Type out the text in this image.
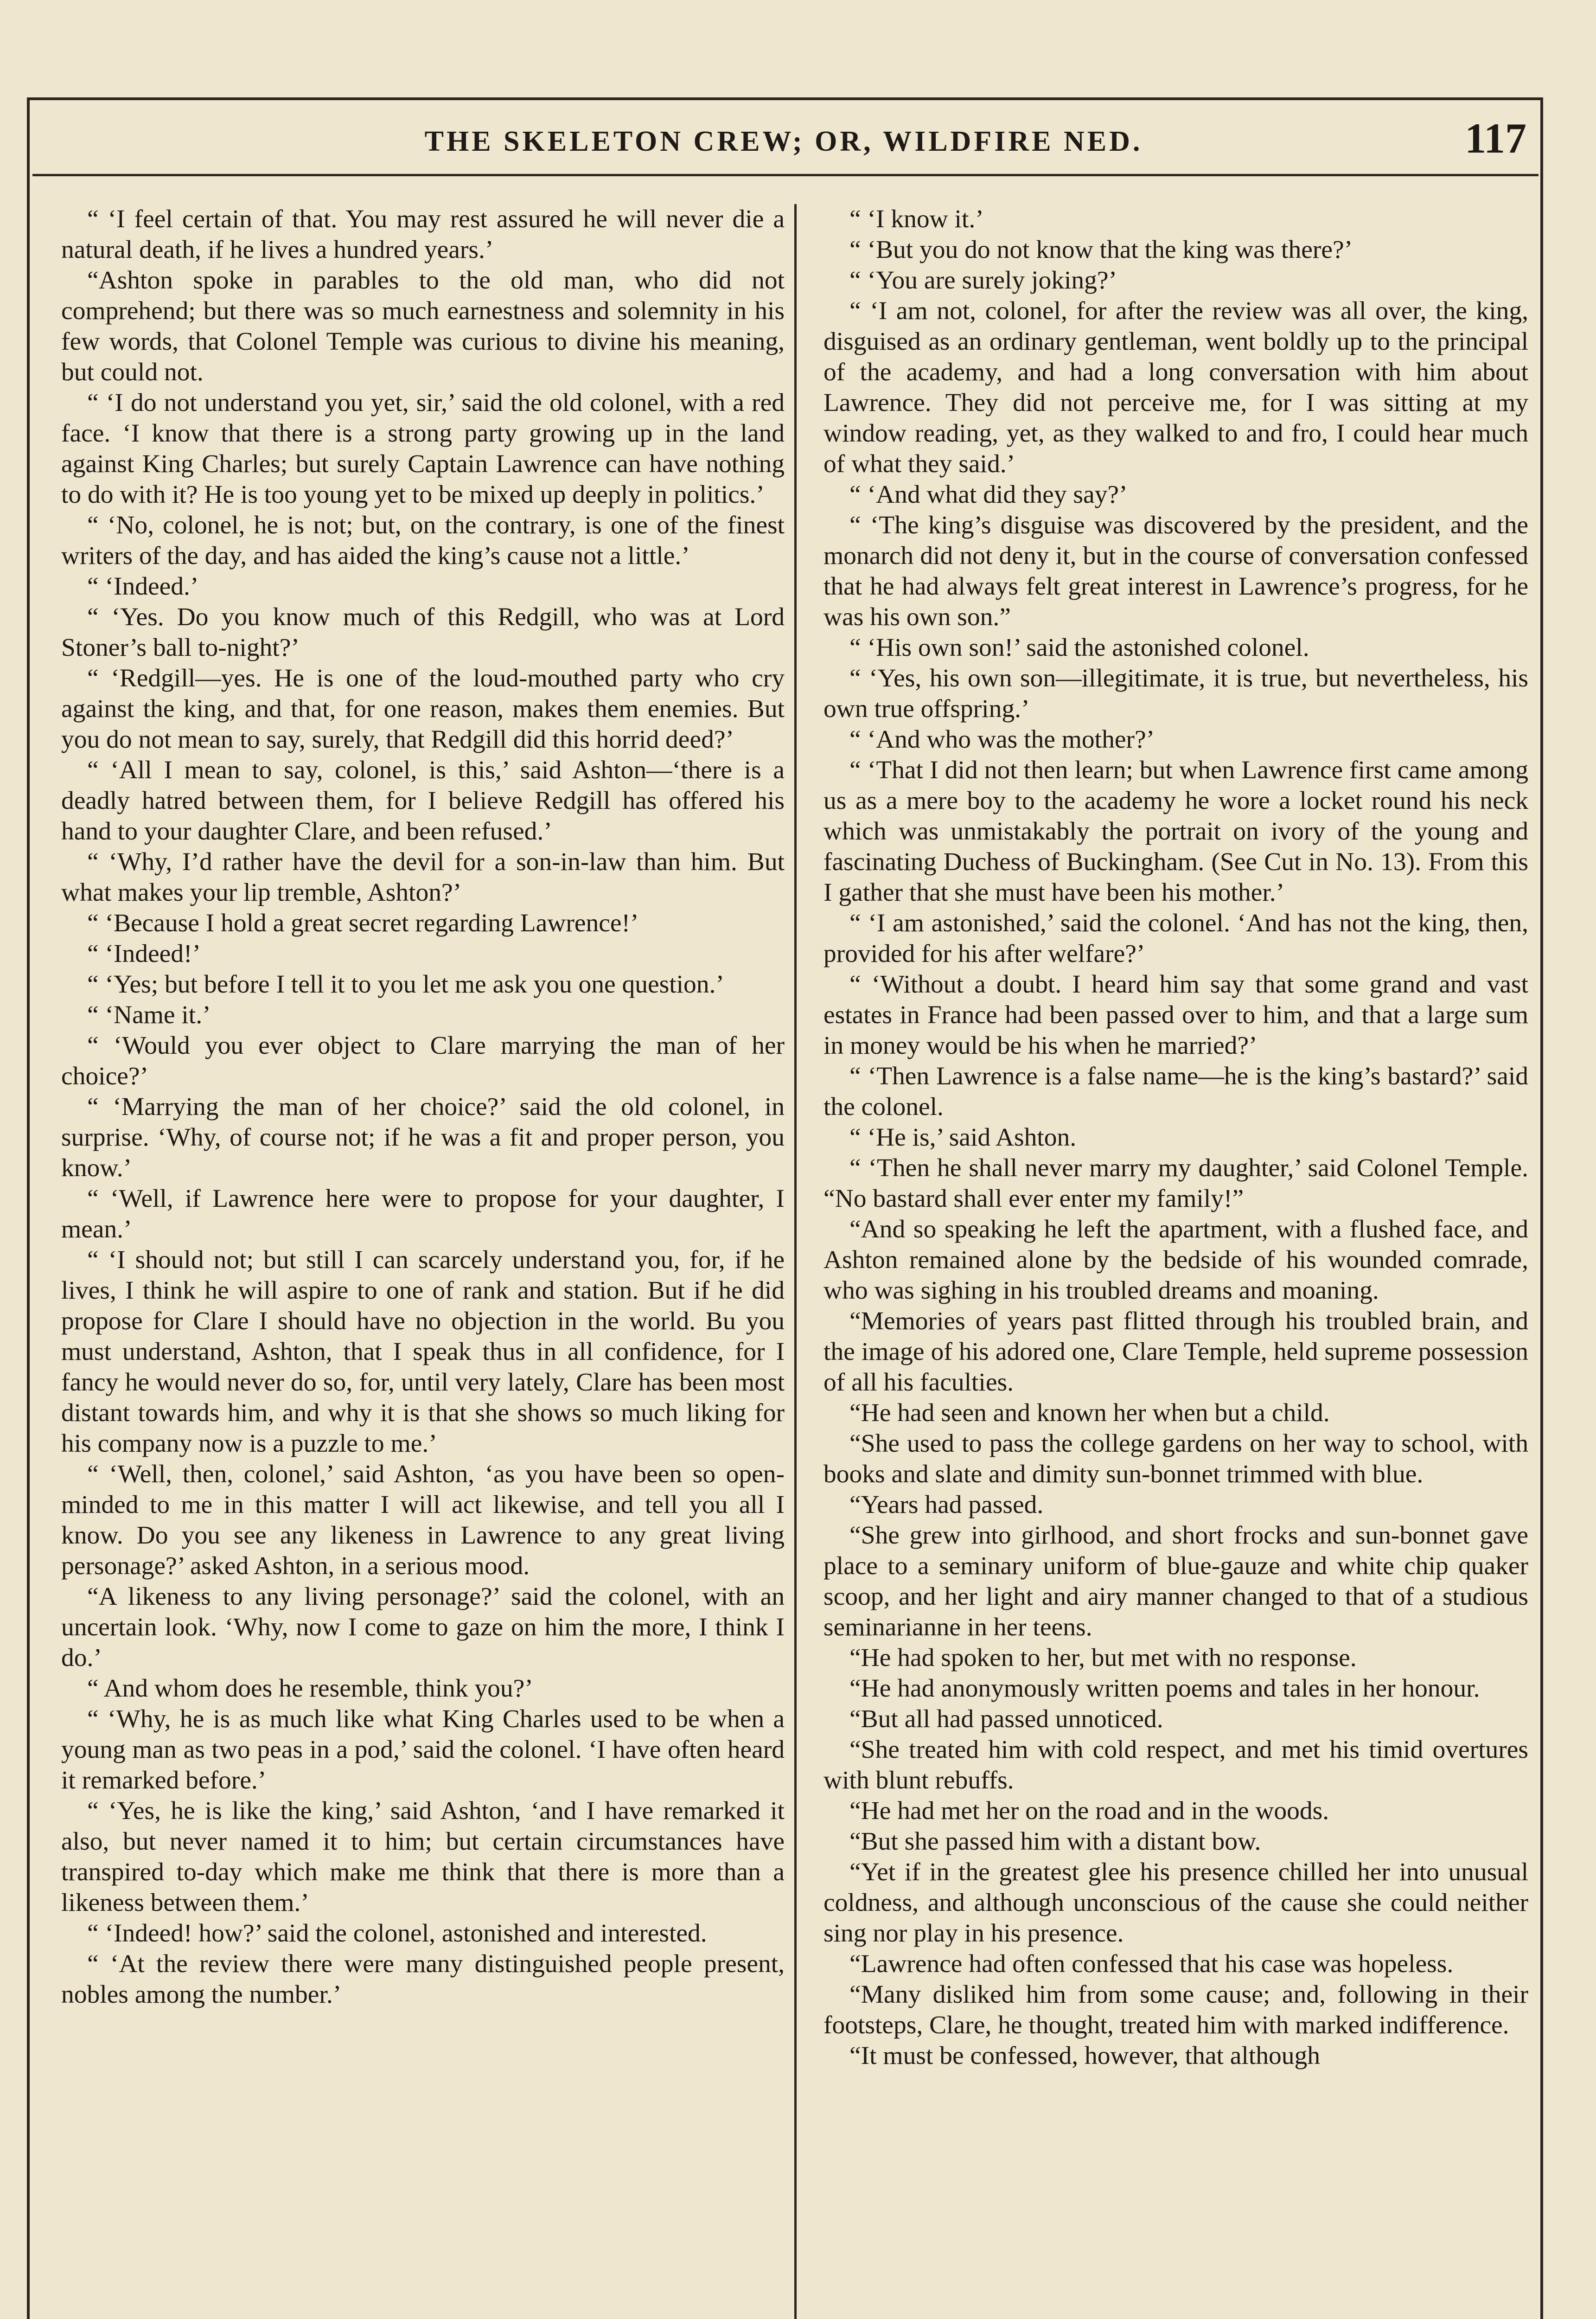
THE SKELETON CREW; OR, WILDFIRE NED.	117

“ ‘I feel certain of that. You may rest assured he will never die a natural death, if he lives a hundred years.’

“Ashton spoke in parables to the old man, who did not comprehend; but there was so much earnestness and solemnity in his few words, that Colonel Temple was curious to divine his meaning, but could not.

“ ‘I do not understand you yet, sir,’ said the old colonel, with a red face. ‘I know that there is a strong party growing up in the land against King Charles; but surely Captain Lawrence can have nothing to do with it? He is too young yet to be mixed up deeply in politics.’

“ ‘No, colonel, he is not; but, on the contrary, is one of the finest writers of the day, and has aided the king’s cause not a little.’

“ ‘Indeed.’

“ ‘Yes. Do you know much of this Redgill, who was at Lord Stoner’s ball to-night?’

“ ‘Redgill—yes. He is one of the loud-mouthed party who cry against the king, and that, for one reason, makes them enemies. But you do not mean to say, surely, that Redgill did this horrid deed?’

“ ‘All I mean to say, colonel, is this,’ said Ashton—‘there is a deadly hatred between them, for I believe Redgill has offered his hand to your daughter Clare, and been refused.’

“ ‘Why, I’d rather have the devil for a son-in-law than him. But what makes your lip tremble, Ashton?’

“ ‘Because I hold a great secret regarding Lawrence!’

“ ‘Indeed!’

“ ‘Yes; but before I tell it to you let me ask you one question.’

“ ‘Name it.’

“ ‘Would you ever object to Clare marrying the man of her choice?’

“ ‘Marrying the man of her choice?’ said the old colonel, in surprise. ‘Why, of course not; if he was a fit and proper person, you know.’

“ ‘Well, if Lawrence here were to propose for your daughter, I mean.’

“ ‘I should not; but still I can scarcely understand you, for, if he lives, I think he will aspire to one of rank and station. But if he did propose for Clare I should have no objection in the world. Bu you must understand, Ashton, that I speak thus in all confidence, for I fancy he would never do so, for, until very lately, Clare has been most distant towards him, and why it is that she shows so much liking for his company now is a puzzle to me.’

“ ‘Well, then, colonel,’ said Ashton, ‘as you have been so open-minded to me in this matter I will act likewise, and tell you all I know. Do you see any likeness in Lawrence to any great living personage?’ asked Ashton, in a serious mood.

“A likeness to any living personage?’ said the colonel, with an uncertain look. ‘Why, now I come to gaze on him the more, I think I do.’

“ And whom does he resemble, think you?’

“ ‘Why, he is as much like what King Charles used to be when a young man as two peas in a pod,’ said the colonel. ‘I have often heard it remarked before.’

“ ‘Yes, he is like the king,’ said Ashton, ‘and I have remarked it also, but never named it to him; but certain circumstances have transpired to-day which make me think that there is more than a likeness between them.’

“ ‘Indeed! how?’ said the colonel, astonished and interested.

“ ‘At the review there were many distinguished people present, nobles among the number.’

“ ‘I know it.’

“ ‘But you do not know that the king was there?’

“ ‘You are surely joking?’

“ ‘I am not, colonel, for after the review was all over, the king, disguised as an ordinary gentleman, went boldly up to the principal of the academy, and had a long conversation with him about Lawrence. They did not perceive me, for I was sitting at my window reading, yet, as they walked to and fro, I could hear much of what they said.’

“ ‘And what did they say?’

“ ‘The king’s disguise was discovered by the president, and the monarch did not deny it, but in the course of conversation confessed that he had always felt great interest in Lawrence’s progress, for he was his own son.”

“ ‘His own son!’ said the astonished colonel.

“ ‘Yes, his own son—illegitimate, it is true, but nevertheless, his own true offspring.’

“ ‘And who was the mother?’

“ ‘That I did not then learn; but when Lawrence first came among us as a mere boy to the academy he wore a locket round his neck which was unmistakably the portrait on ivory of the young and fascinating Duchess of Buckingham. (See Cut in No. 13). From this I gather that she must have been his mother.’

“ ‘I am astonished,’ said the colonel. ‘And has not the king, then, provided for his after welfare?’

“ ‘Without a doubt. I heard him say that some grand and vast estates in France had been passed over to him, and that a large sum in money would be his when he married?’

“ ‘Then Lawrence is a false name—he is the king’s bastard?’ said the colonel.

“ ‘He is,’ said Ashton.

“ ‘Then he shall never marry my daughter,’ said Colonel Temple. “No bastard shall ever enter my family!”

“And so speaking he left the apartment, with a flushed face, and Ashton remained alone by the bedside of his wounded comrade, who was sighing in his troubled dreams and moaning.

“Memories of years past flitted through his troubled brain, and the image of his adored one, Clare Temple, held supreme possession of all his faculties.

“He had seen and known her when but a child.

“She used to pass the college gardens on her way to school, with books and slate and dimity sun-bonnet trimmed with blue.

“Years had passed.

“She grew into girlhood, and short frocks and sun-bonnet gave place to a seminary uniform of blue-gauze and white chip quaker scoop, and her light and airy manner changed to that of a studious seminarianne in her teens.

“He had spoken to her, but met with no response.

“He had anonymously written poems and tales in her honour.

“But all had passed unnoticed.

“She treated him with cold respect, and met his timid overtures with blunt rebuffs.

“He had met her on the road and in the woods.

“But she passed him with a distant bow.

“Yet if in the greatest glee his presence chilled her into unusual coldness, and although unconscious of the cause she could neither sing nor play in his presence.

“Lawrence had often confessed that his case was hopeless.

“Many disliked him from some cause; and, following in their footsteps, Clare, he thought, treated him with marked indifference.

“It must be confessed, however, that although
